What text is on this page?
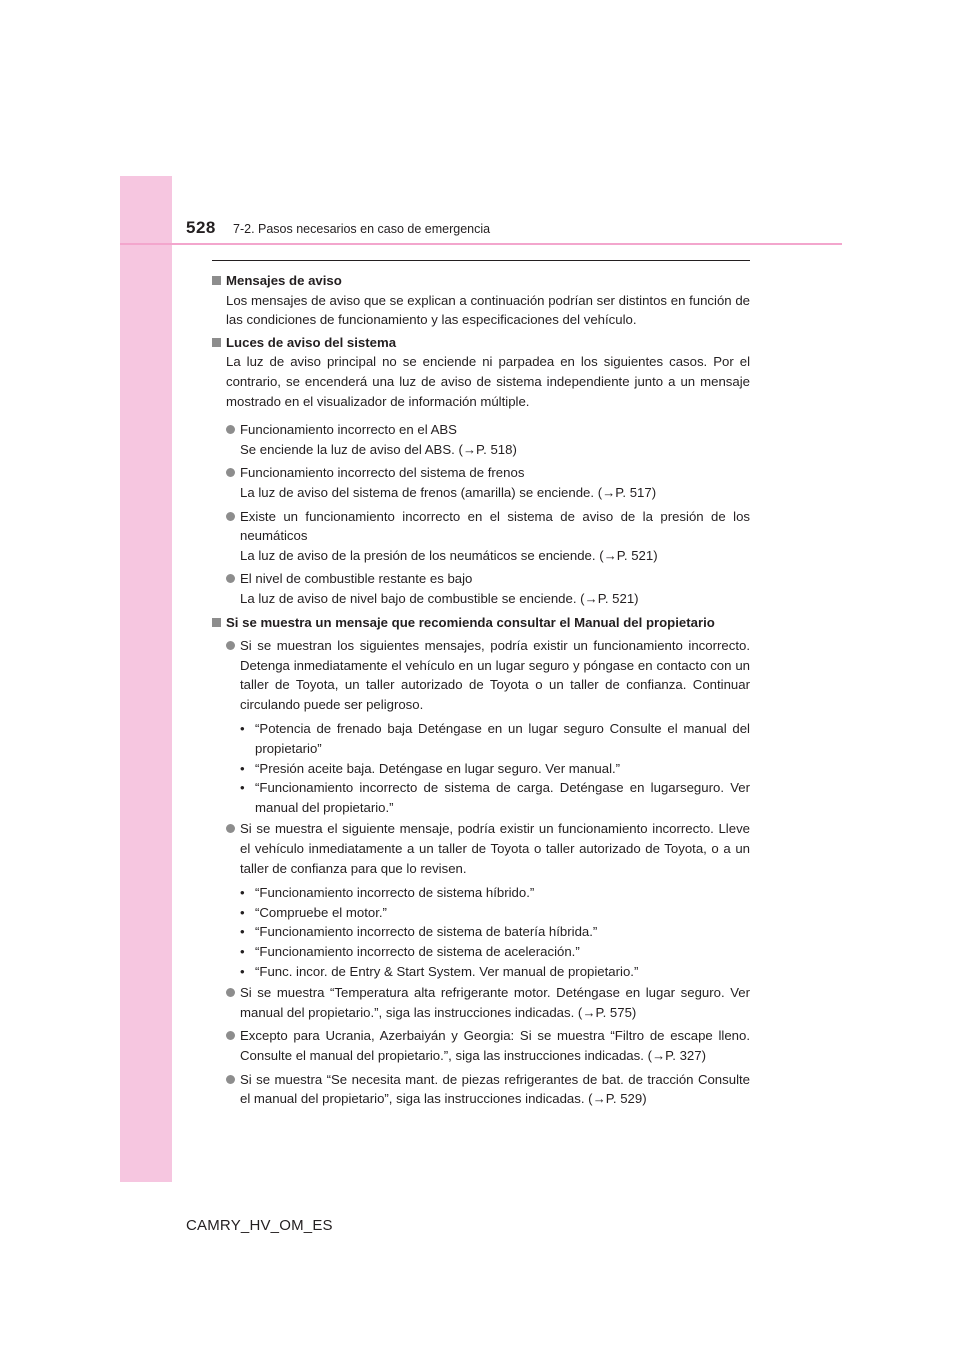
528 7-2. Pasos necesarios en caso de emergencia
Mensajes de aviso
Los mensajes de aviso que se explican a continuación podrían ser distintos en función de las condiciones de funcionamiento y las especificaciones del vehículo.
Luces de aviso del sistema
La luz de aviso principal no se enciende ni parpadea en los siguientes casos. Por el contrario, se encenderá una luz de aviso de sistema independiente junto a un mensaje mostrado en el visualizador de información múltiple.
Funcionamiento incorrecto en el ABS
Se enciende la luz de aviso del ABS. (→P. 518)
Funcionamiento incorrecto del sistema de frenos
La luz de aviso del sistema de frenos (amarilla) se enciende. (→P. 517)
Existe un funcionamiento incorrecto en el sistema de aviso de la presión de los neumáticos
La luz de aviso de la presión de los neumáticos se enciende. (→P. 521)
El nivel de combustible restante es bajo
La luz de aviso de nivel bajo de combustible se enciende. (→P. 521)
Si se muestra un mensaje que recomienda consultar el Manual del propietario
Si se muestran los siguientes mensajes, podría existir un funcionamiento incorrecto. Detenga inmediatamente el vehículo en un lugar seguro y póngase en contacto con un taller de Toyota, un taller autorizado de Toyota o un taller de confianza. Continuar circulando puede ser peligroso.
• “Potencia de frenado baja Deténgase en un lugar seguro Consulte el manual del propietario”
• “Presión aceite baja. Deténgase en lugar seguro. Ver manual.”
• “Funcionamiento incorrecto de sistema de carga. Deténgase en lugarseguro. Ver manual del propietario.”
Si se muestra el siguiente mensaje, podría existir un funcionamiento incorrecto. Lleve el vehículo inmediatamente a un taller de Toyota o taller autorizado de Toyota, o a un taller de confianza para que lo revisen.
• “Funcionamiento incorrecto de sistema híbrido.”
• “Compruebe el motor.”
• “Funcionamiento incorrecto de sistema de batería híbrida.”
• “Funcionamiento incorrecto de sistema de aceleración.”
• “Func. incor. de Entry & Start System. Ver manual de propietario.”
Si se muestra “Temperatura alta refrigerante motor. Deténgase en lugar seguro. Ver manual del propietario.”, siga las instrucciones indicadas. (→P. 575)
Excepto para Ucrania, Azerbaiyán y Georgia: Si se muestra “Filtro de escape lleno. Consulte el manual del propietario.”, siga las instrucciones indicadas. (→P. 327)
Si se muestra “Se necesita mant. de piezas refrigerantes de bat. de tracción Consulte el manual del propietario”, siga las instrucciones indicadas. (→P. 529)
CAMRY_HV_OM_ES
